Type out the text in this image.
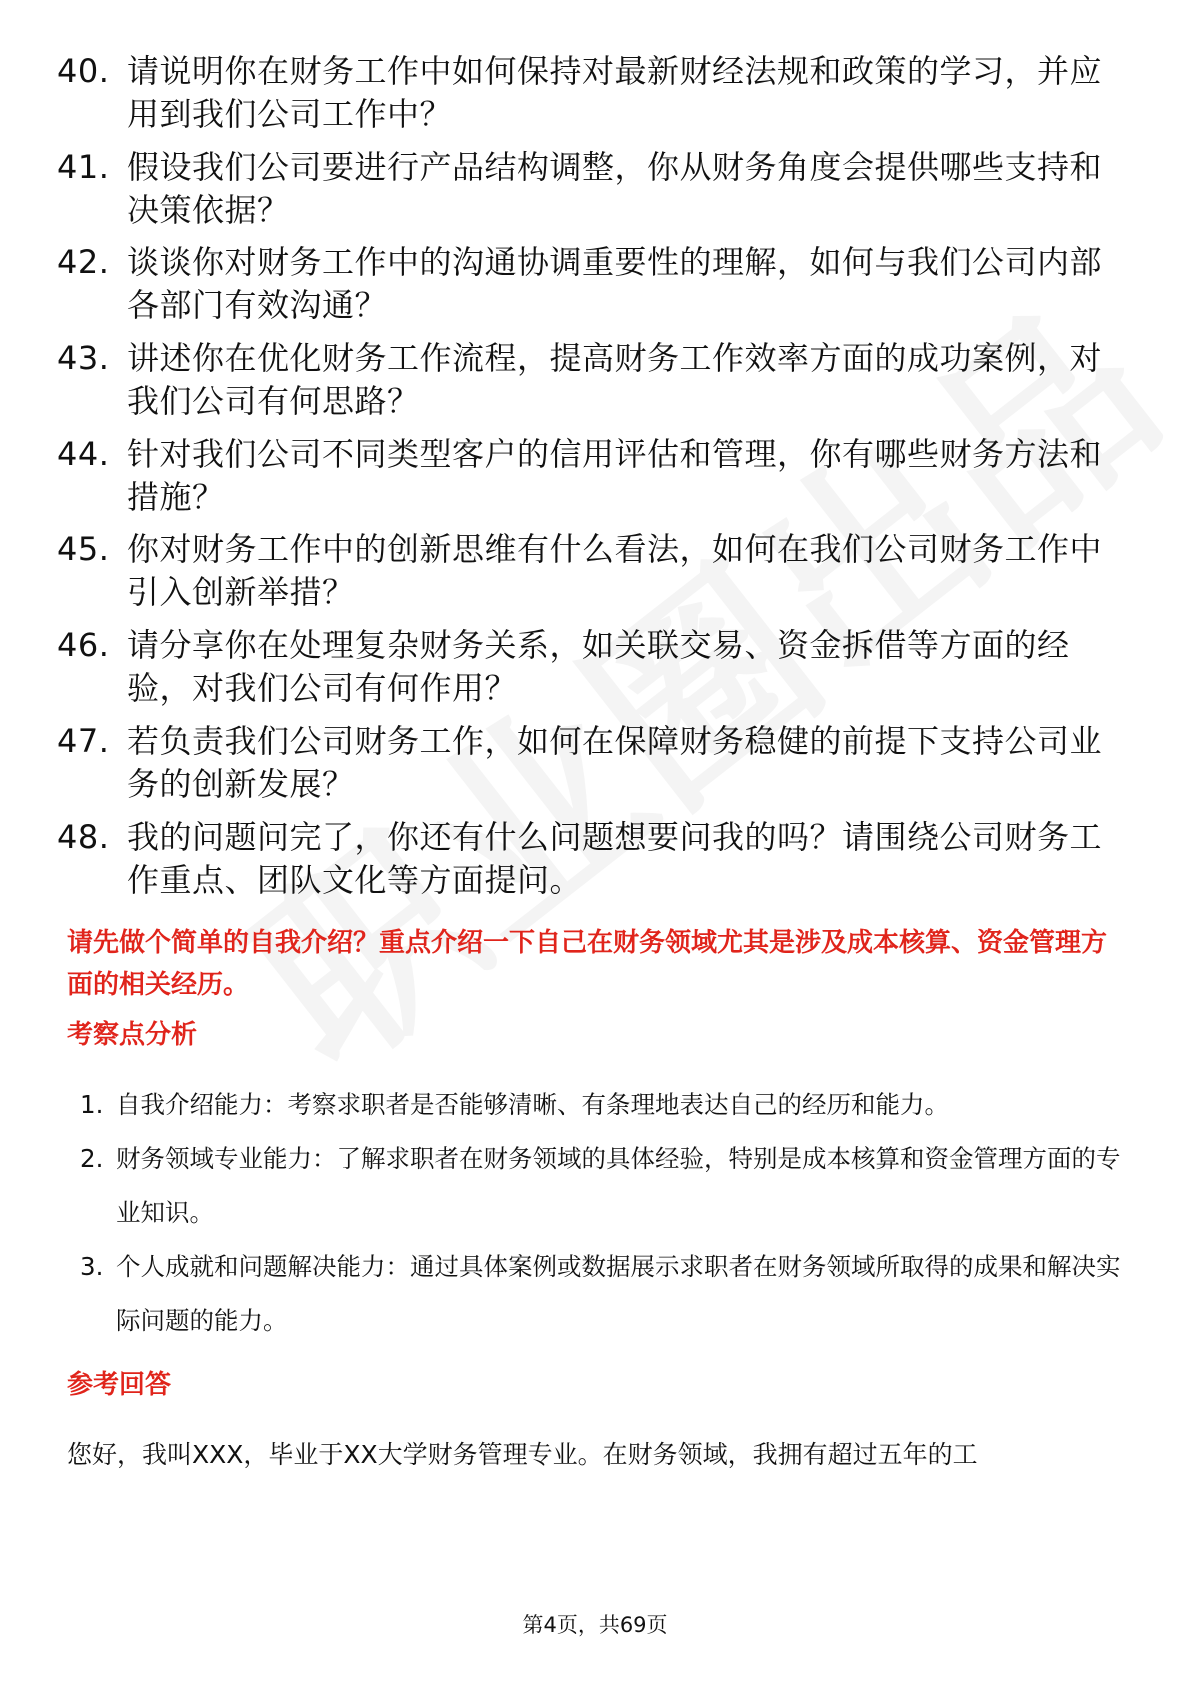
40. 请说明你在财务工作中如何保持对最新财经法规和政策的学习，并应用到我们公司工作中？
41. 假设我们公司要进行产品结构调整，你从财务角度会提供哪些支持和决策依据？
42. 谈谈你对财务工作中的沟通协调重要性的理解，如何与我们公司内部各部门有效沟通？
43. 讲述你在优化财务工作流程，提高财务工作效率方面的成功案例，对我们公司有何思路？
44. 针对我们公司不同类型客户的信用评估和管理，你有哪些财务方法和措施？
45. 你对财务工作中的创新思维有什么看法，如何在我们公司财务工作中引入创新举措？
46. 请分享你在处理复杂财务关系，如关联交易、资金拆借等方面的经验，对我们公司有何作用？
47. 若负责我们公司财务工作，如何在保障财务稳健的前提下支持公司业务的创新发展？
48. 我的问题问完了，你还有什么问题想要问我的吗？请围绕公司财务工作重点、团队文化等方面提问。
请先做个简单的自我介绍？重点介绍一下自己在财务领域尤其是涉及成本核算、资金管理方面的相关经历。
考察点分析
1. 自我介绍能力：考察求职者是否能够清晰、有条理地表达自己的经历和能力。
2. 财务领域专业能力：了解求职者在财务领域的具体经验，特别是成本核算和资金管理方面的专业知识。
3. 个人成就和问题解决能力：通过具体案例或数据展示求职者在财务领域所取得的成果和解决实际问题的能力。
参考回答
您好，我叫XXX，毕业于XX大学财务管理专业。在财务领域，我拥有超过五年的工
第4页，共69页
